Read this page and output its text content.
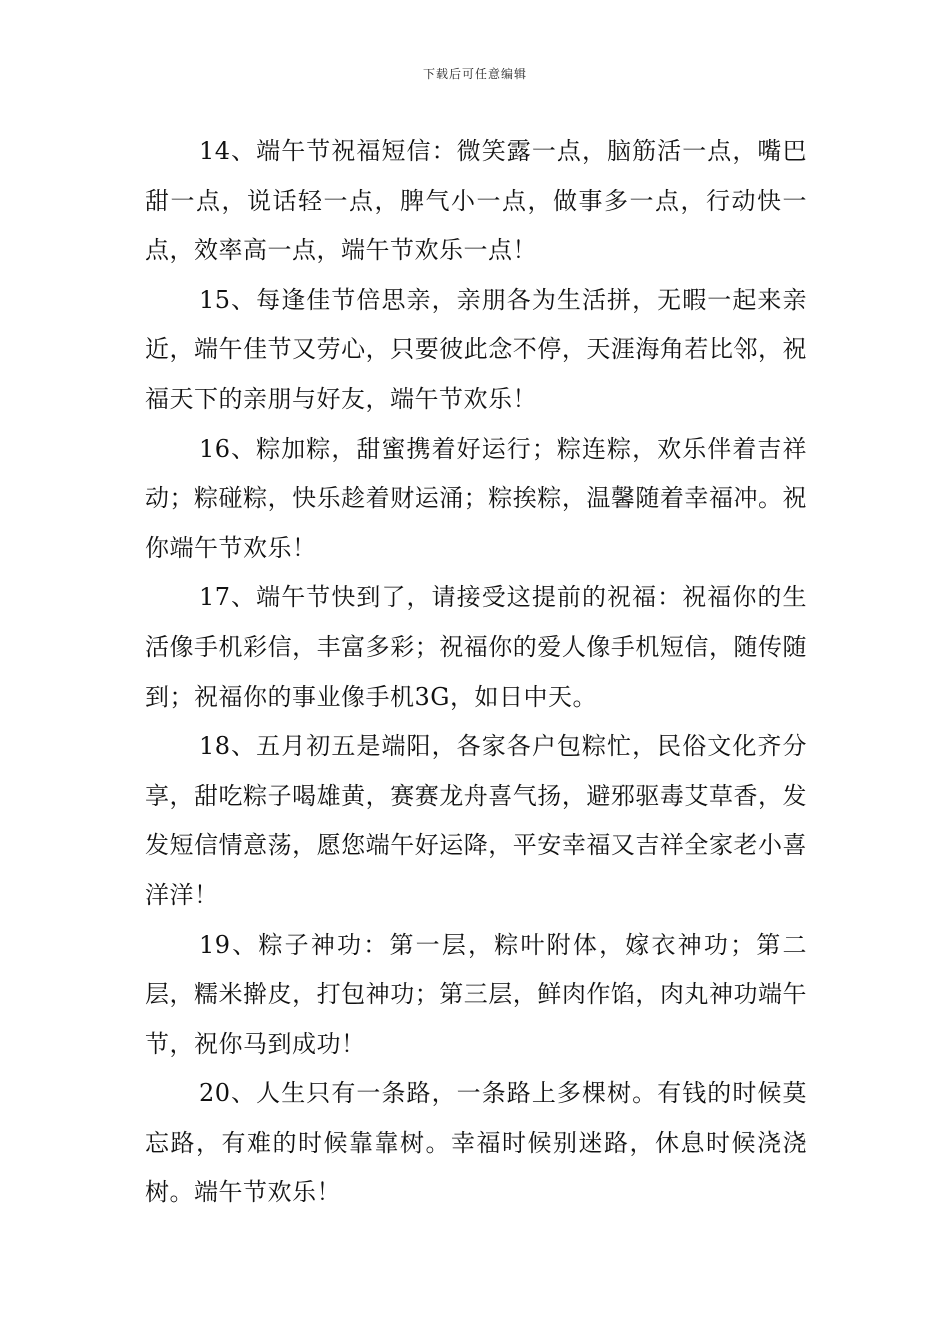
下载后可任意编辑

14、端午节祝福短信：微笑露一点，脑筋活一点，嘴巴甜一点，说话轻一点，脾气小一点，做事多一点，行动快一点，效率高一点，端午节欢乐一点！

15、每逢佳节倍思亲，亲朋各为生活拼，无暇一起来亲近，端午佳节又劳心，只要彼此念不停，天涯海角若比邻，祝福天下的亲朋与好友，端午节欢乐！

16、粽加粽，甜蜜携着好运行；粽连粽，欢乐伴着吉祥动；粽碰粽，快乐趁着财运涌；粽挨粽，温馨随着幸福冲。祝你端午节欢乐！

17、端午节快到了，请接受这提前的祝福：祝福你的生活像手机彩信，丰富多彩；祝福你的爱人像手机短信，随传随到；祝福你的事业像手机3G，如日中天。

18、五月初五是端阳，各家各户包粽忙，民俗文化齐分享，甜吃粽子喝雄黄，赛赛龙舟喜气扬，避邪驱毒艾草香，发发短信情意荡，愿您端午好运降，平安幸福又吉祥全家老小喜洋洋！

19、粽子神功：第一层，粽叶附体，嫁衣神功；第二层，糯米擀皮，打包神功；第三层，鲜肉作馅，肉丸神功端午节，祝你马到成功！

20、人生只有一条路，一条路上多棵树。有钱的时候莫忘路，有难的时候靠靠树。幸福时候别迷路，休息时候浇浇树。端午节欢乐！
